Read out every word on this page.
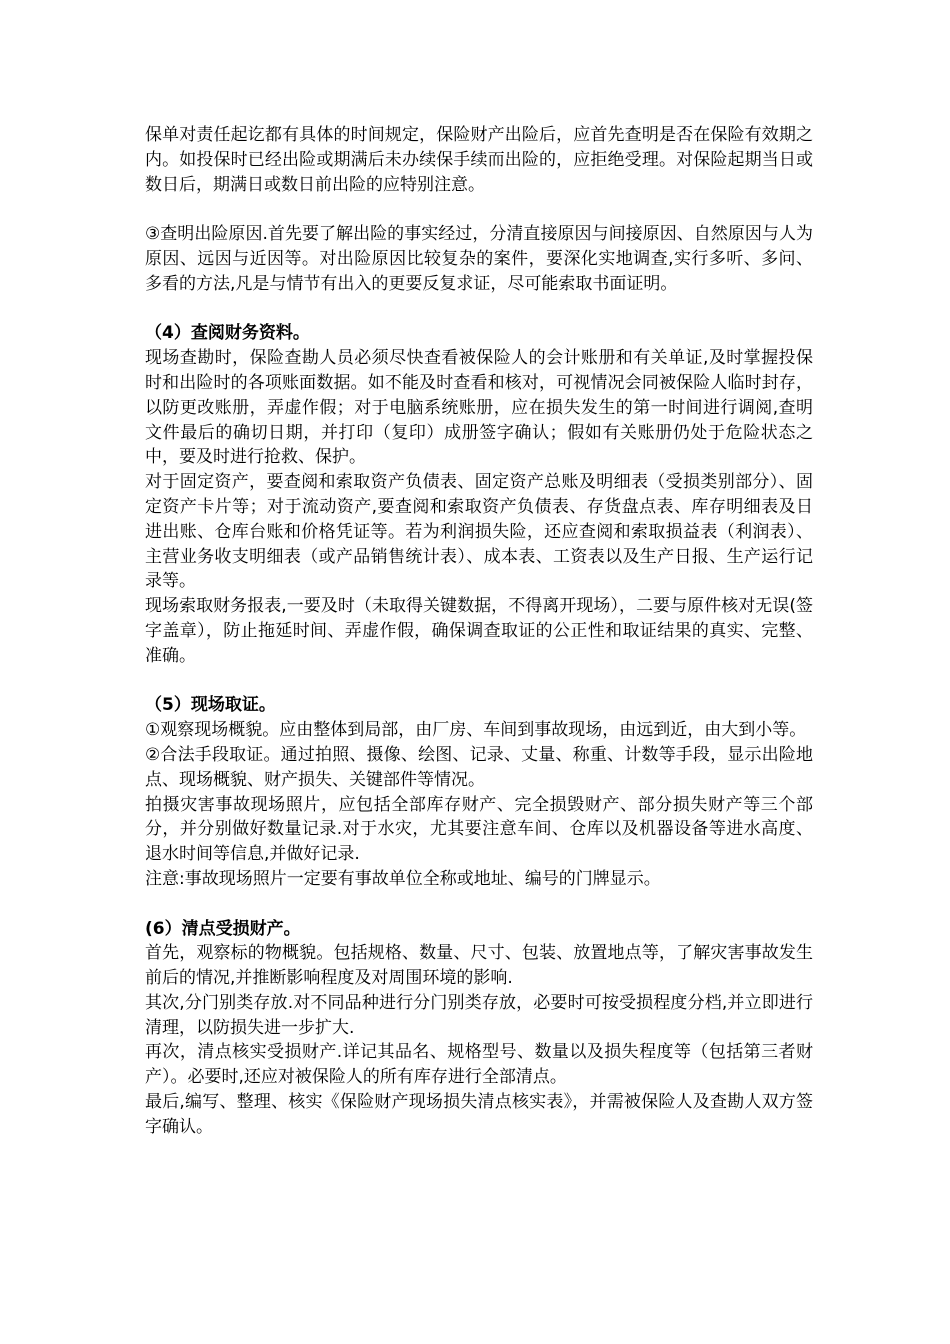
保单对责任起讫都有具体的时间规定，保险财产出险后，应首先查明是否在保险有效期之内。如投保时已经出险或期满后未办续保手续而出险的，应拒绝受理。对保险起期当日或数日后，期满日或数日前出险的应特别注意。

③查明出险原因.首先要了解出险的事实经过，分清直接原因与间接原因、自然原因与人为原因、远因与近因等。对出险原因比较复杂的案件，要深化实地调查,实行多听、多问、多看的方法,凡是与情节有出入的更要反复求证，尽可能索取书面证明。

（4）查阅财务资料。

现场查勘时，保险查勘人员必须尽快查看被保险人的会计账册和有关单证,及时掌握投保时和出险时的各项账面数据。如不能及时查看和核对，可视情况会同被保险人临时封存，以防更改账册，弄虚作假；对于电脑系统账册，应在损失发生的第一时间进行调阅,查明文件最后的确切日期，并打印（复印）成册签字确认；假如有关账册仍处于危险状态之中，要及时进行抢救、保护。

对于固定资产，要查阅和索取资产负债表、固定资产总账及明细表（受损类别部分）、固定资产卡片等；对于流动资产,要查阅和索取资产负债表、存货盘点表、库存明细表及日进出账、仓库台账和价格凭证等。若为利润损失险，还应查阅和索取损益表（利润表）、主营业务收支明细表（或产品销售统计表）、成本表、工资表以及生产日报、生产运行记录等。

现场索取财务报表,一要及时（未取得关键数据，不得离开现场），二要与原件核对无误(签字盖章），防止拖延时间、弄虚作假，确保调查取证的公正性和取证结果的真实、完整、准确。

（5）现场取证。

①观察现场概貌。应由整体到局部，由厂房、车间到事故现场，由远到近，由大到小等。

②合法手段取证。通过拍照、摄像、绘图、记录、丈量、称重、计数等手段，显示出险地点、现场概貌、财产损失、关键部件等情况。

拍摄灾害事故现场照片，应包括全部库存财产、完全损毁财产、部分损失财产等三个部分，并分别做好数量记录.对于水灾，尤其要注意车间、仓库以及机器设备等进水高度、退水时间等信息,并做好记录.

注意:事故现场照片一定要有事故单位全称或地址、编号的门牌显示。

(6）清点受损财产。

首先，观察标的物概貌。包括规格、数量、尺寸、包装、放置地点等，了解灾害事故发生前后的情况,并推断影响程度及对周围环境的影响.

其次,分门别类存放.对不同品种进行分门别类存放，必要时可按受损程度分档,并立即进行清理，以防损失进一步扩大.

再次，清点核实受损财产.详记其品名、规格型号、数量以及损失程度等（包括第三者财产）。必要时,还应对被保险人的所有库存进行全部清点。

最后,编写、整理、核实《保险财产现场损失清点核实表》，并需被保险人及查勘人双方签字确认。
